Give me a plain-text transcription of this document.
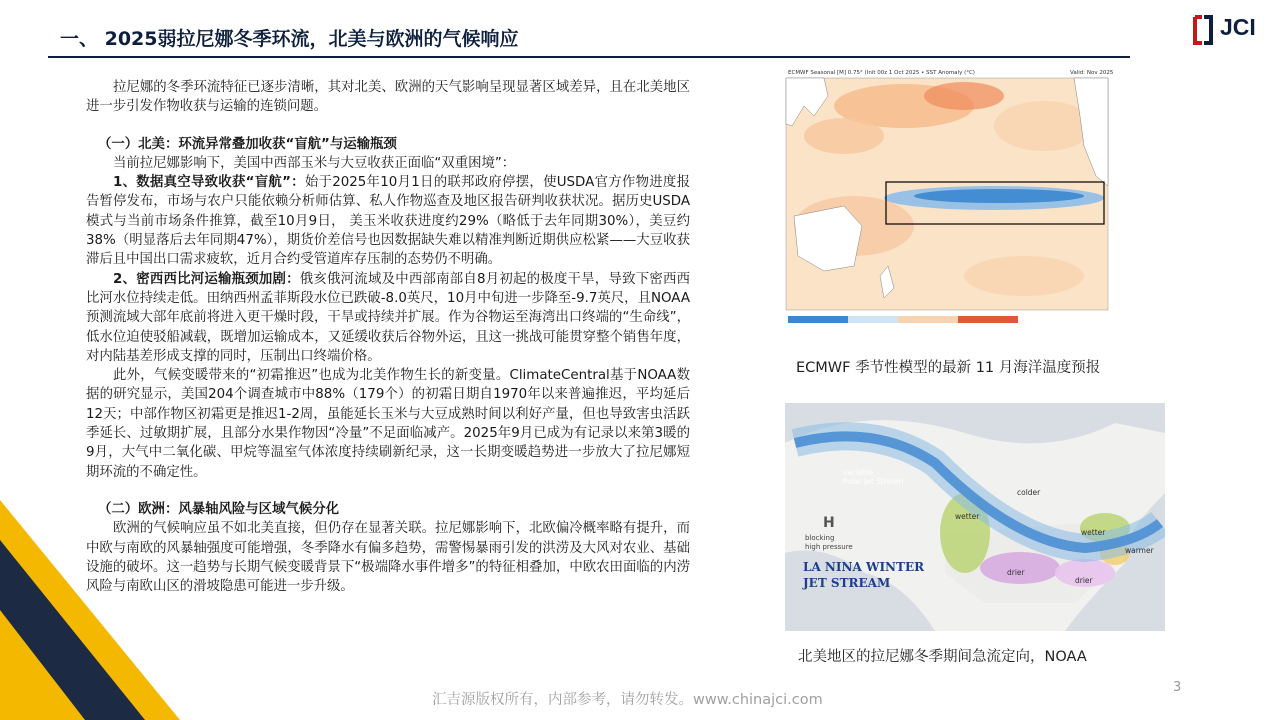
一、 2025弱拉尼娜冬季环流，北美与欧洲的气候响应	JCI

拉尼娜的冬季环流特征已逐步清晰，其对北美、欧洲的天气影响呈现显著区域差异，且在北美地区进一步引发作物收获与运输的连锁问题。

（一）北美：环流异常叠加收获“盲航”与运输瓶颈

当前拉尼娜影响下，美国中西部玉米与大豆收获正面临“双重困境”：

1、数据真空导致收获“盲航”：始于2025年10月1日的联邦政府停摆，使USDA官方作物进度报告暂停发布，市场与农户只能依赖分析师估算、私人作物巡查及地区报告研判收获状况。据历史USDA模式与当前市场条件推算，截至10月9日， 美玉米收获进度约29%（略低于去年同期30%），美豆约38%（明显落后去年同期47%），期货价差信号也因数据缺失难以精准判断近期供应松紧——大豆收获滞后且中国出口需求疲软，近月合约受管道库存压制的态势仍不明确。

2、密西西比河运输瓶颈加剧：俄亥俄河流域及中西部南部自8月初起的极度干旱，导致下密西西比河水位持续走低。田纳西州孟菲斯段水位已跌破-8.0英尺，10月中旬进一步降至-9.7英尺，且NOAA预测流域大部年底前将进入更干燥时段，干旱或持续并扩展。作为谷物运至海湾出口终端的“生命线”，低水位迫使驳船减载，既增加运输成本，又延缓收获后谷物外运，且这一挑战可能贯穿整个销售年度，对内陆基差形成支撑的同时，压制出口终端价格。

此外，气候变暖带来的“初霜推迟”也成为北美作物生长的新变量。ClimateCentral基于NOAA数据的研究显示，美国204个调查城市中88%（179个）的初霜日期自1970年以来普遍推迟，平均延后12天；中部作物区初霜更是推迟1-2周，虽能延长玉米与大豆成熟时间以利好产量，但也导致害虫活跃季延长、过敏期扩展，且部分水果作物因“冷量”不足面临减产。2025年9月已成为有记录以来第3暖的9月，大气中二氧化碳、甲烷等温室气体浓度持续刷新纪录，这一长期变暖趋势进一步放大了拉尼娜短期环流的不确定性。

（二）欧洲：风暴轴风险与区域气候分化

欧洲的气候响应虽不如北美直接，但仍存在显著关联。拉尼娜影响下，北欧偏冷概率略有提升，而中欧与南欧的风暴轴强度可能增强，冬季降水有偏多趋势，需警惕暴雨引发的洪涝及大风对农业、基础设施的破坏。这一趋势与长期气候变暖背景下“极端降水事件增多”的特征相叠加，中欧农田面临的内涝风险与南欧山区的滑坡隐患可能进一步升级。

ECMWF Seasonal [M] 0.75° (Init 00z 1 Oct 2025 • SST Anomaly (°C)	Valid: Nov 2025
ECMWF 季节性模型的最新 11 月海洋温度预报
variable
Polar Jet Stream
H
blocking
high pressure
LA NINA WINTER
JET STREAM
colder
wetter
wetter
drier
drier
warmer
北美地区的拉尼娜冬季期间急流定向，NOAA
汇吉源版权所有，内部参考，请勿转发。www.chinajci.com
3
